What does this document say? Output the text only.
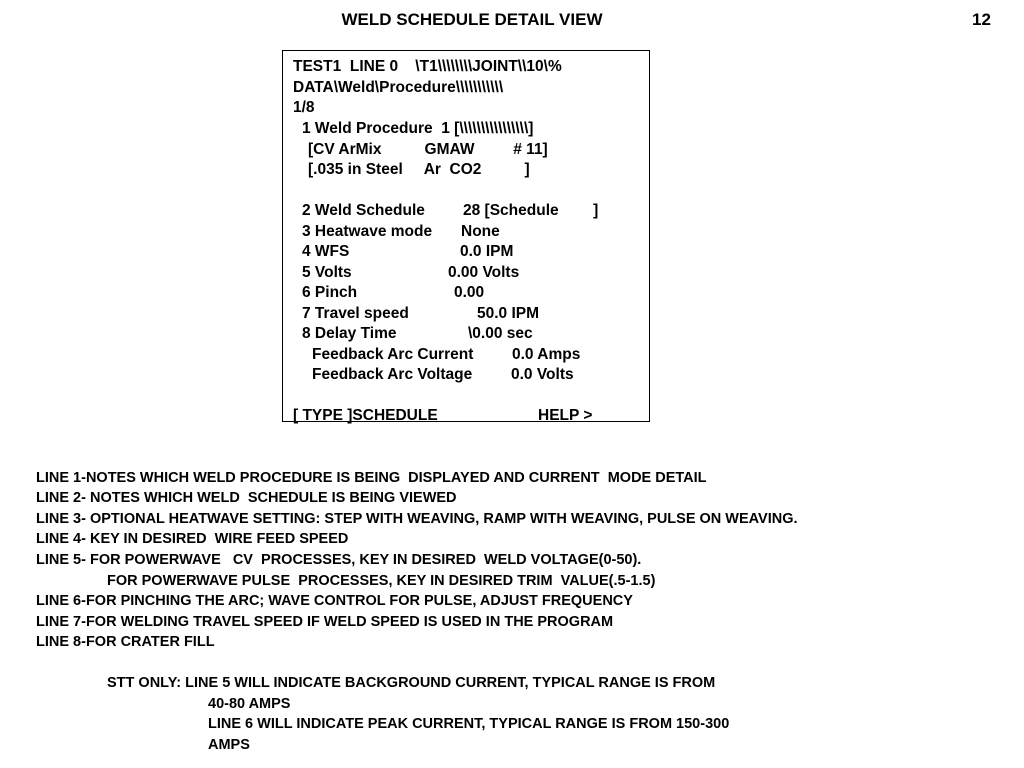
WELD SCHEDULE DETAIL VIEW	12
TEST1  LINE 0    \T1\\\\\\\\JOINT\\10\%
DATA\Weld\Procedure\\\\\\\\\\\
1/8
1 Weld Procedure  1 [\\\\\\\\\\\\\\\\]
[CV ArMix          GMAW         # 11]
[.035 in Steel     Ar  CO2          ]
2 Weld Schedule 28 [Schedule        ]
3 Heatwave mode None
4 WFS	0.0 IPM
5 Volts	0.00 Volts
6 Pinch	0.00
7 Travel speed	50.0 IPM
8 Delay Time	\0.00 sec
Feedback Arc Current 0.0 Amps
Feedback Arc Voltage	0.0 Volts
[ TYPE ]SCHEDULE	HELP >
LINE 1-NOTES WHICH WELD PROCEDURE IS BEING  DISPLAYED AND CURRENT  MODE DETAIL
LINE 2- NOTES WHICH WELD  SCHEDULE IS BEING VIEWED
LINE 3- OPTIONAL HEATWAVE SETTING: STEP WITH WEAVING, RAMP WITH WEAVING, PULSE ON WEAVING.
LINE 4- KEY IN DESIRED  WIRE FEED SPEED
LINE 5- FOR POWERWAVE   CV  PROCESSES, KEY IN DESIRED  WELD VOLTAGE(0-50).
FOR POWERWAVE PULSE  PROCESSES, KEY IN DESIRED TRIM  VALUE(.5-1.5)
LINE 6-FOR PINCHING THE ARC; WAVE CONTROL FOR PULSE, ADJUST FREQUENCY
LINE 7-FOR WELDING TRAVEL SPEED IF WELD SPEED IS USED IN THE PROGRAM
LINE 8-FOR CRATER FILL
STT ONLY: LINE 5 WILL INDICATE BACKGROUND CURRENT, TYPICAL RANGE IS FROM
40-80 AMPS
LINE 6 WILL INDICATE PEAK CURRENT, TYPICAL RANGE IS FROM 150-300
AMPS
